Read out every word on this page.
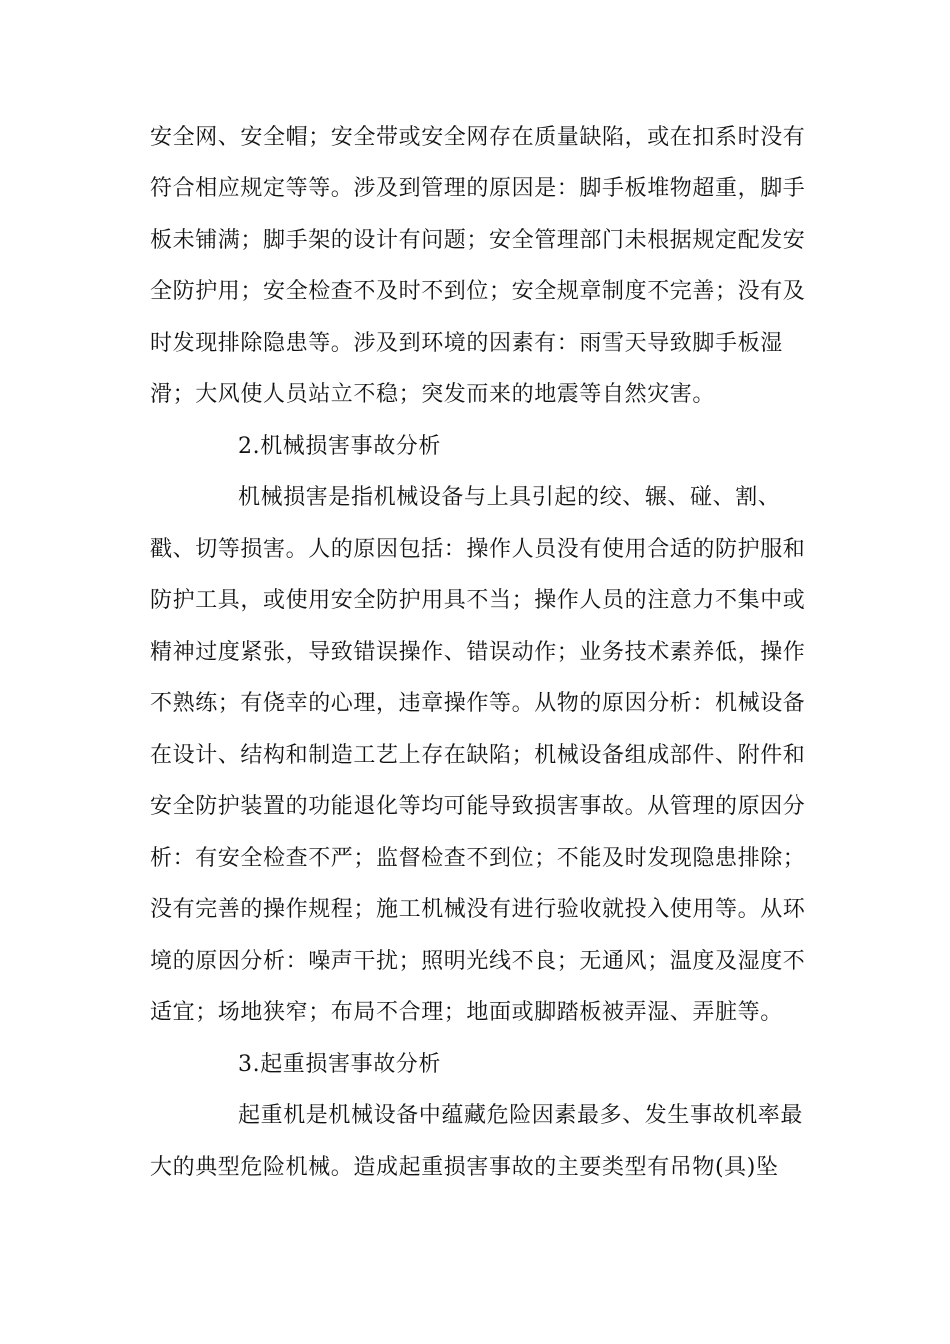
安全网、安全帽；安全带或安全网存在质量缺陷，或在扣系时没有
符合相应规定等等。涉及到管理的原因是：脚手板堆物超重，脚手
板未铺满；脚手架的设计有问题；安全管理部门未根据规定配发安
全防护用；安全检查不及时不到位；安全规章制度不完善；没有及
时发现排除隐患等。涉及到环境的因素有：雨雪天导致脚手板湿
滑；大风使人员站立不稳；突发而来的地震等自然灾害。
2.机械损害事故分析
机械损害是指机械设备与上具引起的绞、辗、碰、割、
戳、切等损害。人的原因包括：操作人员没有使用合适的防护服和
防护工具，或使用安全防护用具不当；操作人员的注意力不集中或
精神过度紧张，导致错误操作、错误动作；业务技术素养低，操作
不熟练；有侥幸的心理，违章操作等。从物的原因分析：机械设备
在设计、结构和制造工艺上存在缺陷；机械设备组成部件、附件和
安全防护装置的功能退化等均可能导致损害事故。从管理的原因分
析：有安全检查不严；监督检查不到位；不能及时发现隐患排除；
没有完善的操作规程；施工机械没有进行验收就投入使用等。从环
境的原因分析：噪声干扰；照明光线不良；无通风；温度及湿度不
适宜；场地狭窄；布局不合理；地面或脚踏板被弄湿、弄脏等。
3.起重损害事故分析
起重机是机械设备中蕴藏危险因素最多、发生事故机率最
大的典型危险机械。造成起重损害事故的主要类型有吊物(具)坠
